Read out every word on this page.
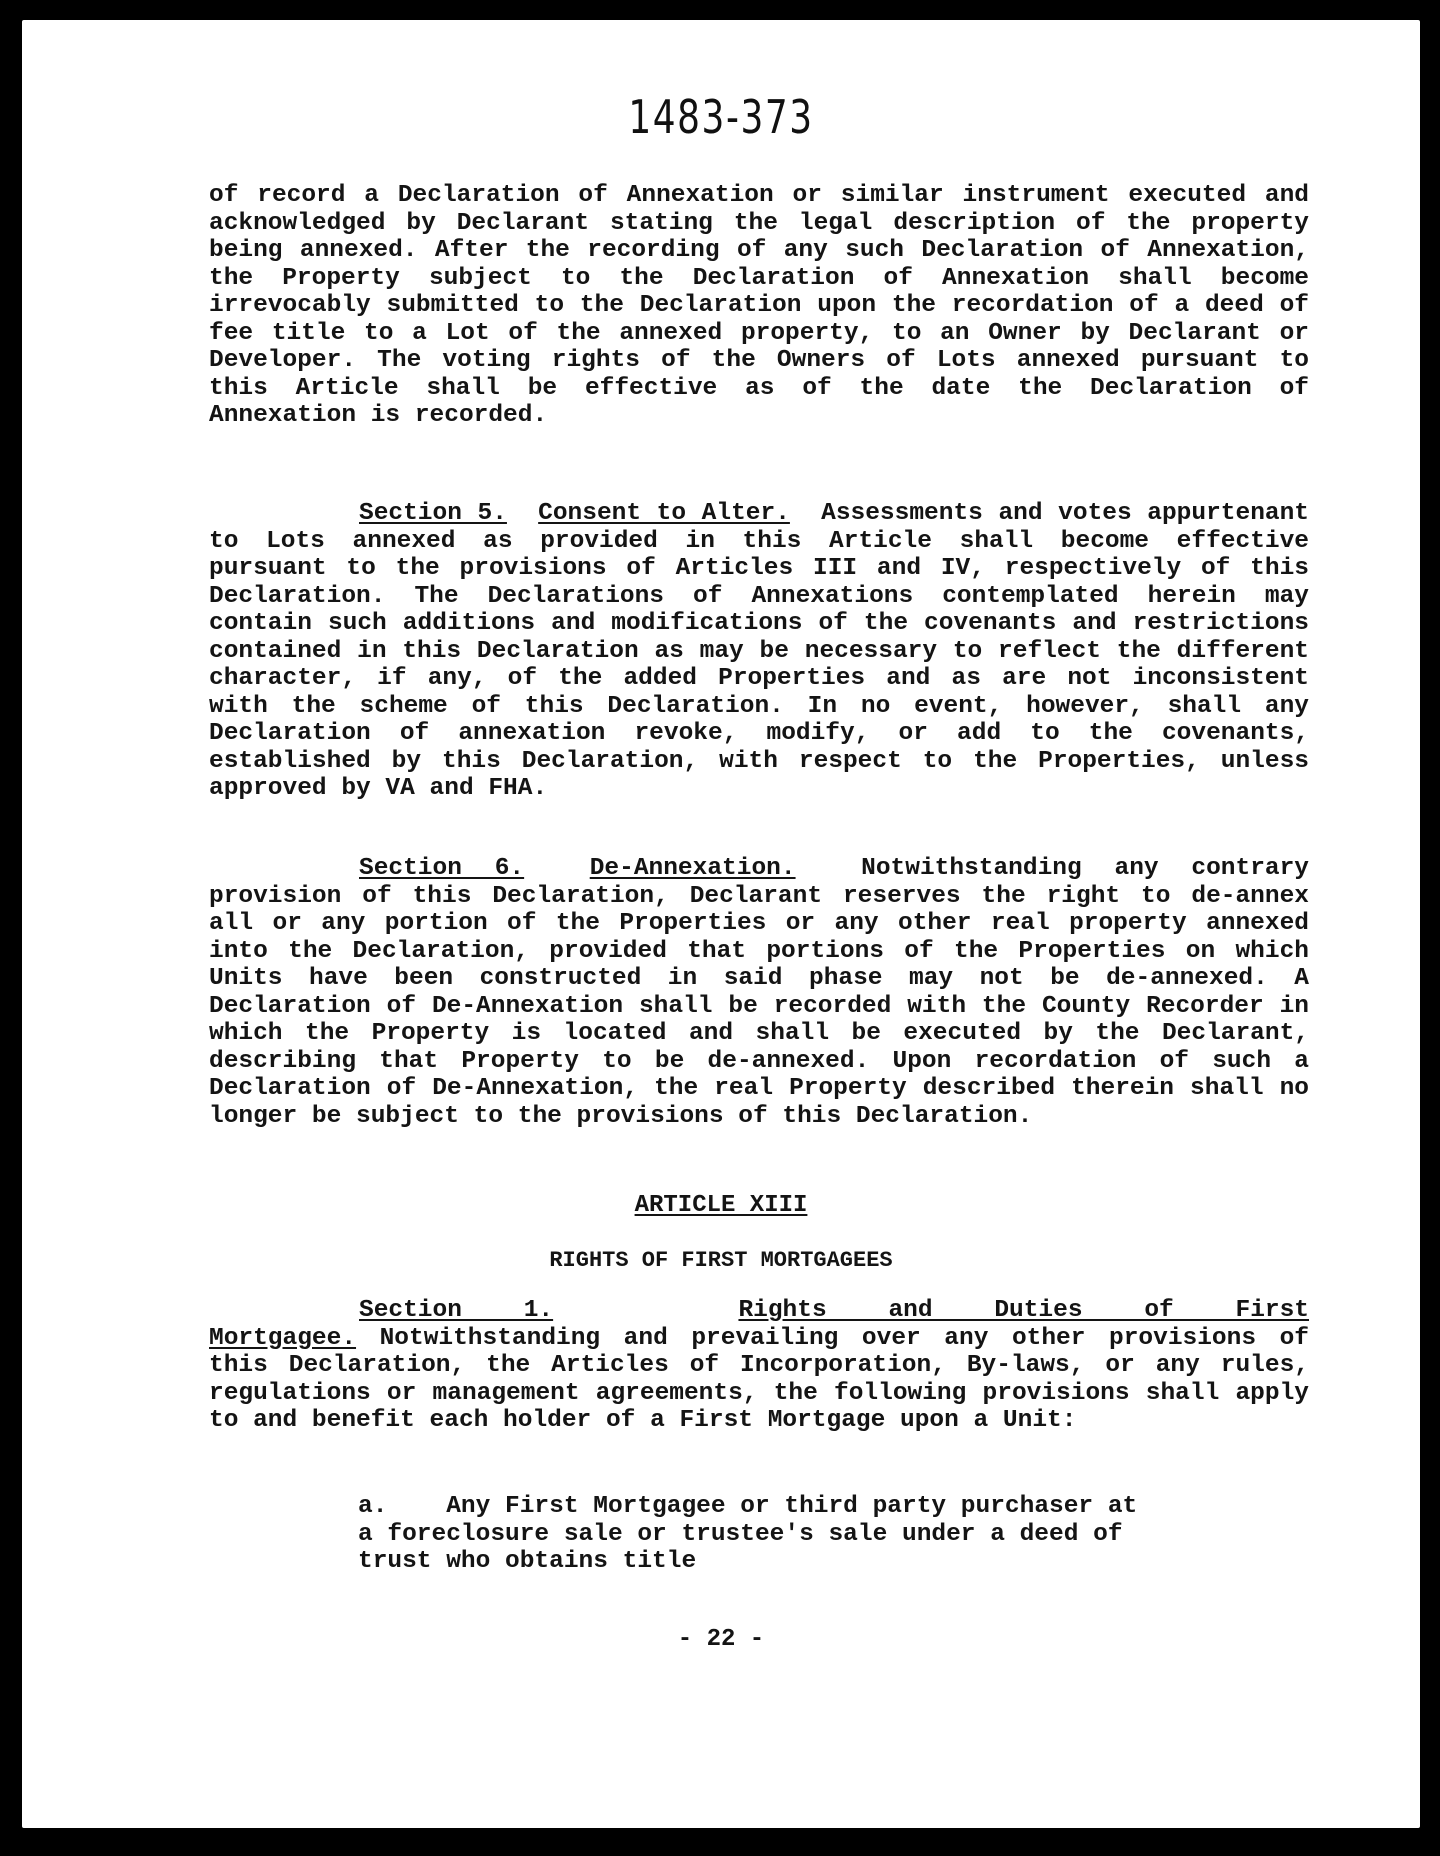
1483-373

of record a Declaration of Annexation or similar instrument executed and acknowledged by Declarant stating the legal description of the property being annexed. After the recording of any such Declaration of Annexation, the Property subject to the Declaration of Annexation shall become irrevocably submitted to the Declaration upon the recordation of a deed of fee title to a Lot of the annexed property, to an Owner by Declarant or Developer. The voting rights of the Owners of Lots annexed pursuant to this Article shall be effective as of the date the Declaration of Annexation is recorded.

Section 5. Consent to Alter. Assessments and votes appurtenant to Lots annexed as provided in this Article shall become effective pursuant to the provisions of Articles III and IV, respectively of this Declaration. The Declarations of Annexations contemplated herein may contain such additions and modifications of the covenants and restrictions contained in this Declaration as may be necessary to reflect the different character, if any, of the added Properties and as are not inconsistent with the scheme of this Declaration. In no event, however, shall any Declaration of annexation revoke, modify, or add to the covenants, established by this Declaration, with respect to the Properties, unless approved by VA and FHA.

Section 6.	De-Annexation.	Notwithstanding any contrary provision of this Declaration, Declarant reserves the right to de-annex all or any portion of the Properties or any other real property annexed into the Declaration, provided that portions of the Properties on which Units have been constructed in said phase may not be de-annexed. A Declaration of De-Annexation shall be recorded with the County Recorder in which the Property is located and shall be executed by the Declarant, describing that Property to be de-annexed. Upon recordation of such a Declaration of De-Annexation, the real Property described therein shall no longer be subject to the provisions of this Declaration.

ARTICLE XIII
RIGHTS OF FIRST MORTGAGEES

Section 1.	Rights and Duties of First Mortgagee. Notwithstanding and prevailing over any other provisions of this Declaration, the Articles of Incorporation, By-laws, or any rules, regulations or management agreements, the following provisions shall apply to and benefit each holder of a First Mortgage upon a Unit:

a. Any First Mortgagee or third party purchaser at a foreclosure sale or trustee's sale under a deed of trust who obtains title

- 22 -
